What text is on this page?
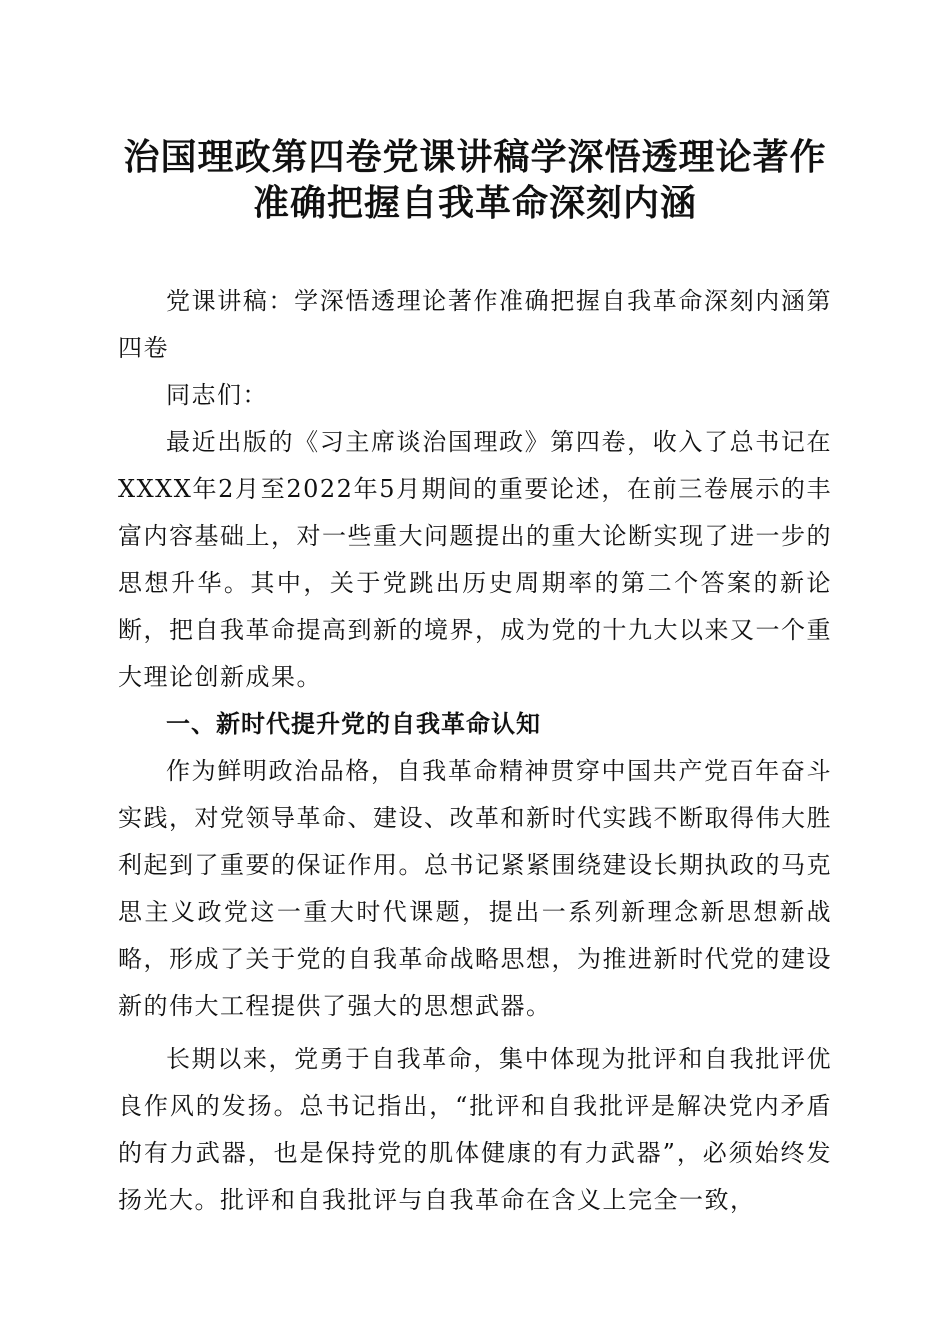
治国理政第四卷党课讲稿学深悟透理论著作准确把握自我革命深刻内涵

党课讲稿：学深悟透理论著作准确把握自我革命深刻内涵第四卷

同志们：

最近出版的《习主席谈治国理政》第四卷，收入了总书记在XXXX年2月至2022年5月期间的重要论述，在前三卷展示的丰富内容基础上，对一些重大问题提出的重大论断实现了进一步的思想升华。其中，关于党跳出历史周期率的第二个答案的新论断，把自我革命提高到新的境界，成为党的十九大以来又一个重大理论创新成果。

一、新时代提升党的自我革命认知

作为鲜明政治品格，自我革命精神贯穿中国共产党百年奋斗实践，对党领导革命、建设、改革和新时代实践不断取得伟大胜利起到了重要的保证作用。总书记紧紧围绕建设长期执政的马克思主义政党这一重大时代课题，提出一系列新理念新思想新战略，形成了关于党的自我革命战略思想，为推进新时代党的建设新的伟大工程提供了强大的思想武器。

长期以来，党勇于自我革命，集中体现为批评和自我批评优良作风的发扬。总书记指出，“批评和自我批评是解决党内矛盾的有力武器，也是保持党的肌体健康的有力武器”，必须始终发扬光大。批评和自我批评与自我革命在含义上完全一致，
